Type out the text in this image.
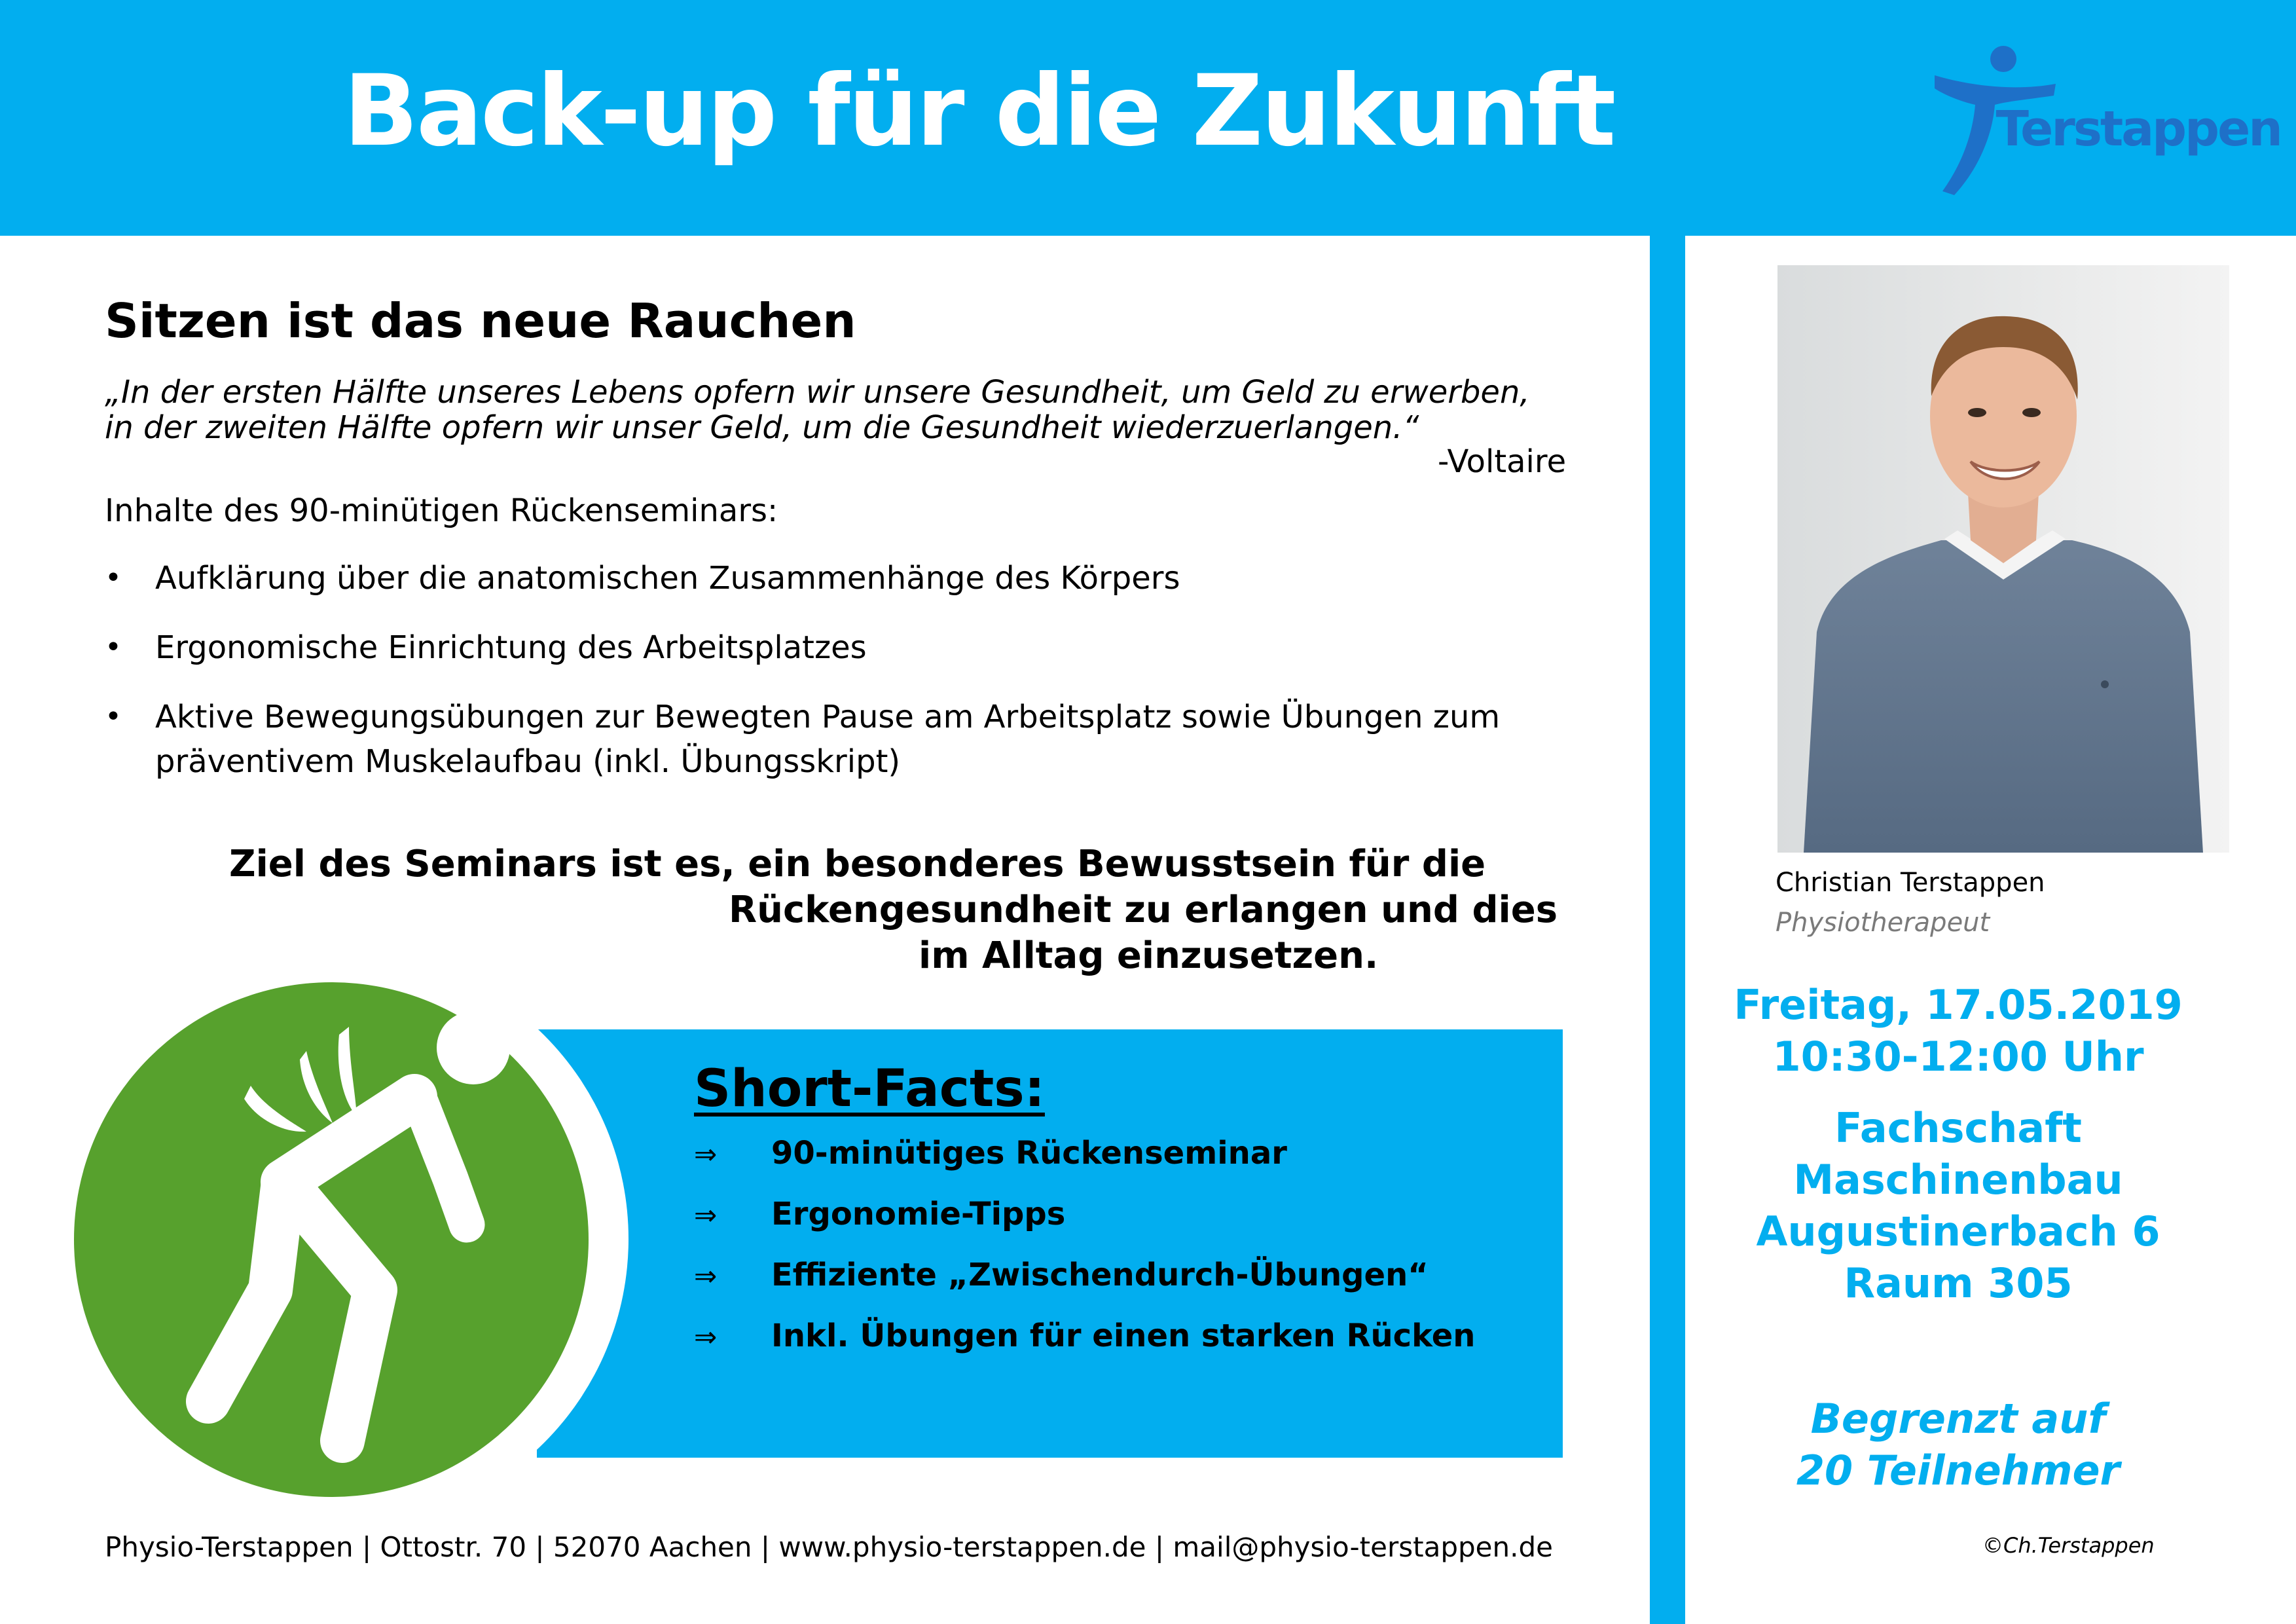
Back-up für die Zukunft	Terstappen
Christian Terstappen
Physiotherapeut
Freitag, 17.05.2019
10:30-12:00 Uhr
Fachschaft
Maschinenbau
Augustinerbach 6
Raum 305
Begrenzt auf
20 Teilnehmer
©Ch.Terstappen
Sitzen ist das neue Rauchen
„In der ersten Hälfte unseres Lebens opfern wir unsere Gesundheit, um Geld zu erwerben,
in der zweiten Hälfte opfern wir unser Geld, um die Gesundheit wiederzuerlangen.“
-Voltaire
Inhalte des 90-minütigen Rückenseminars:
• Aufklärung über die anatomischen Zusammenhänge des Körpers
• Ergonomische Einrichtung des Arbeitsplatzes
• Aktive Bewegungsübungen zur Bewegten Pause am Arbeitsplatz sowie Übungen zum
präventivem Muskelaufbau (inkl. Übungsskript)
Ziel des Seminars ist es, ein besonderes Bewusstsein für die
Rückengesundheit zu erlangen und dies
im Alltag einzusetzen.
Short-Facts:
⇒ 90-minütiges Rückenseminar
⇒ Ergonomie-Tipps
⇒ Effiziente „Zwischendurch-Übungen“
⇒ Inkl. Übungen für einen starken Rücken
Physio-Terstappen | Ottostr. 70 | 52070 Aachen | www.physio-terstappen.de | mail@physio-terstappen.de
